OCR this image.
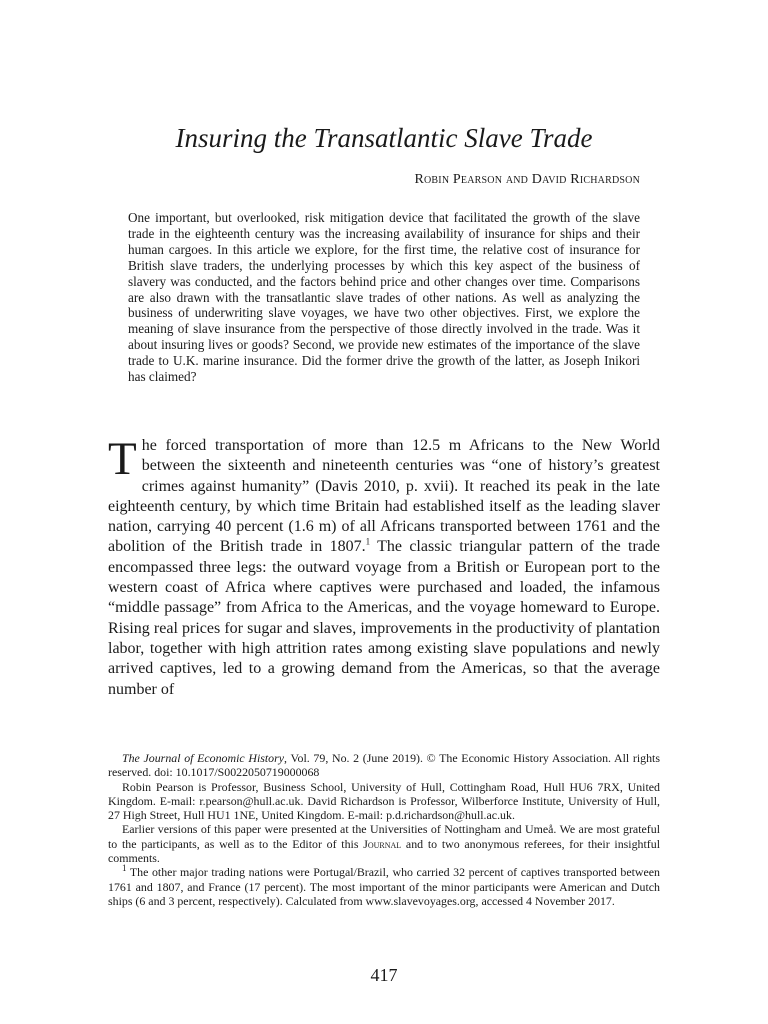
Insuring the Transatlantic Slave Trade
Robin Pearson and David Richardson

One important, but overlooked, risk mitigation device that facilitated the growth of the slave trade in the eighteenth century was the increasing availability of insurance for ships and their human cargoes. In this article we explore, for the first time, the relative cost of insurance for British slave traders, the underlying processes by which this key aspect of the business of slavery was conducted, and the factors behind price and other changes over time. Comparisons are also drawn with the transatlantic slave trades of other nations. As well as analyzing the business of underwriting slave voyages, we have two other objectives. First, we explore the meaning of slave insurance from the perspective of those directly involved in the trade. Was it about insuring lives or goods? Second, we provide new estimates of the importance of the slave trade to U.K. marine insurance. Did the former drive the growth of the latter, as Joseph Inikori has claimed?

The forced transportation of more than 12.5 m Africans to the New World between the sixteenth and nineteenth centuries was “one of history’s greatest crimes against humanity” (Davis 2010, p. xvii). It reached its peak in the late eighteenth century, by which time Britain had established itself as the leading slaver nation, carrying 40 percent (1.6 m) of all Africans transported between 1761 and the abolition of the British trade in 1807.$^1$ The classic triangular pattern of the trade encompassed three legs: the outward voyage from a British or European port to the western coast of Africa where captives were purchased and loaded, the infamous “middle passage” from Africa to the Americas, and the voyage homeward to Europe. Rising real prices for sugar and slaves, improvements in the productivity of plantation labor, together with high attrition rates among existing slave populations and newly arrived captives, led to a growing demand from the Americas, so that the average number of

The Journal of Economic History, Vol. 79, No. 2 (June 2019). © The Economic History Association. All rights reserved. doi: 10.1017/S0022050719000068

Robin Pearson is Professor, Business School, University of Hull, Cottingham Road, Hull HU6 7RX, United Kingdom. E-mail: r.pearson@hull.ac.uk. David Richardson is Professor, Wilberforce Institute, University of Hull, 27 High Street, Hull HU1 1NE, United Kingdom. E-mail: p.d.richardson@hull.ac.uk.

Earlier versions of this paper were presented at the Universities of Nottingham and Umeå. We are most grateful to the participants, as well as to the Editor of this Journal and to two anonymous referees, for their insightful comments.

$^1$ The other major trading nations were Portugal/Brazil, who carried 32 percent of captives transported between 1761 and 1807, and France (17 percent). The most important of the minor participants were American and Dutch ships (6 and 3 percent, respectively). Calculated from www.slavevoyages.org, accessed 4 November 2017.

417
